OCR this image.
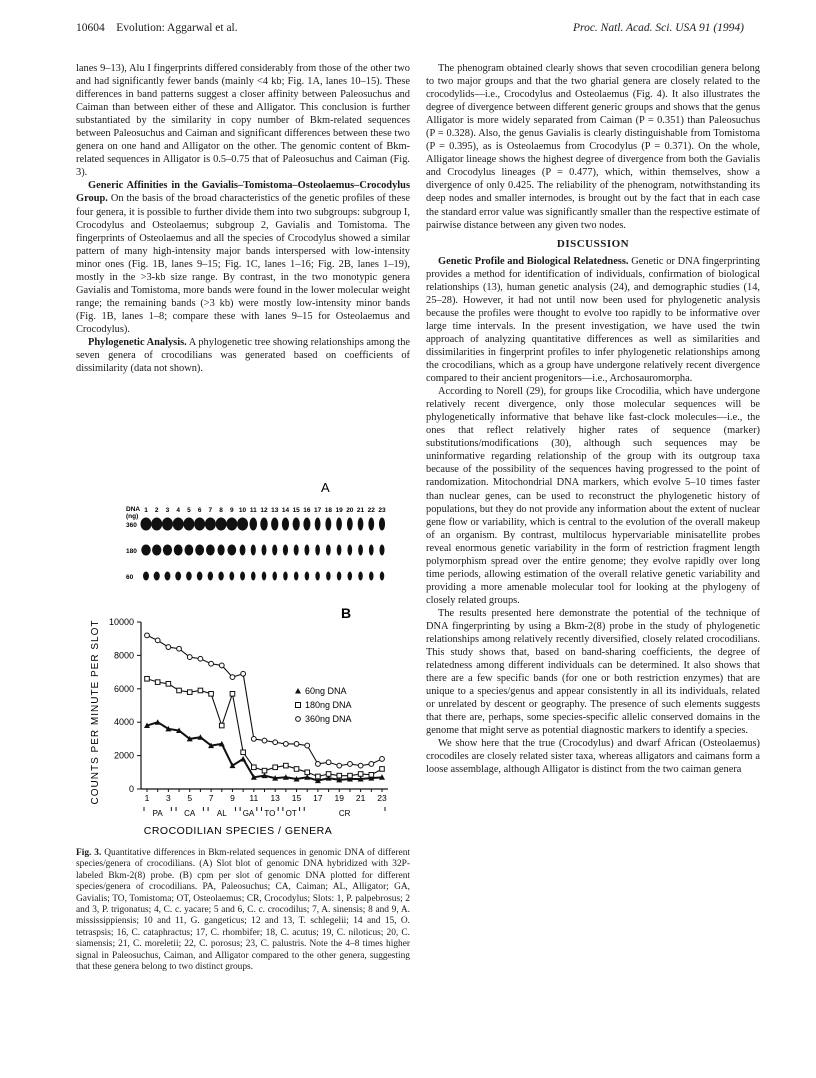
10604 Evolution: Aggarwal et al.	Proc. Natl. Acad. Sci. USA 91 (1994)

lanes 9–13), Alu I fingerprints differed considerably from those of the other two and had significantly fewer bands (mainly <4 kb; Fig. 1A, lanes 10–15). These differences in band patterns suggest a closer affinity between Paleosuchus and Caiman than between either of these and Alligator. This conclusion is further substantiated by the similarity in copy number of Bkm-related sequences between Paleosuchus and Caiman and significant differences between these two genera on one hand and Alligator on the other. The genomic content of Bkm-related sequences in Alligator is 0.5–0.75 that of Paleosuchus and Caiman (Fig. 3).

Generic Affinities in the Gavialis–Tomistoma–Osteolaemus–Crocodylus Group. On the basis of the broad characteristics of the genetic profiles of these four genera, it is possible to further divide them into two subgroups: subgroup I, Crocodylus and Osteolaemus; subgroup 2, Gavialis and Tomistoma. The fingerprints of Osteolaemus and all the species of Crocodylus showed a similar pattern of many high-intensity major bands interspersed with low-intensity minor ones (Fig. 1B, lanes 9–15; Fig. 1C, lanes 1–16; Fig. 2B, lanes 1–19), mostly in the >3-kb size range. By contrast, in the two monotypic genera Gavialis and Tomistoma, more bands were found in the lower molecular weight range; the remaining bands (>3 kb) were mostly low-intensity minor bands (Fig. 1B, lanes 1–8; compare these with lanes 9–15 for Osteolaemus and Crocodylus).

Phylogenetic Analysis. A phylogenetic tree showing relationships among the seven genera of crocodilians was generated based on coefficients of dissimilarity (data not shown).

A
DNA
(ng)
360
180
60
1 2 3 4 5 6 7 8 9 10 11 12 13 14 15 16 17 18 19 20 21 22 23
B
COUNTS PER MINUTE PER SLOT	0
2000
4000
6000
8000
10000
1 3 5 7 9 11 13 15 17 19 21 23
60ng DNA
180ng DNA
360ng DNA
PA	CA	AL GA TO OT	CR
CROCODILIAN SPECIES / GENERA
Fig. 3. Quantitative differences in Bkm-related sequences in genomic DNA of different species/genera of crocodilians. (A) Slot blot of genomic DNA hybridized with 32P-labeled Bkm-2(8) probe. (B) cpm per slot of genomic DNA plotted for different species/genera of crocodilians. PA, Paleosuchus; CA, Caiman; AL, Alligator; GA, Gavialis; TO, Tomistoma; OT, Osteolaemus; CR, Crocodylus; Slots: 1, P. palpebrosus; 2 and 3, P. trigonatus; 4, C. c. yacare; 5 and 6, C. c. crocodilus; 7, A. sinensis; 8 and 9, A. mississippiensis; 10 and 11, G. gangeticus; 12 and 13, T. schlegelii; 14 and 15, O. tetraspsis; 16, C. cataphractus; 17, C. rhombifer; 18, C. acutus; 19, C. niloticus; 20, C. siamensis; 21, C. moreletii; 22, C. porosus; 23, C. palustris. Note the 4–8 times higher signal in Paleosuchus, Caiman, and Alligator compared to the other genera, suggesting that these genera belong to two distinct groups.

The phenogram obtained clearly shows that seven crocodilian genera belong to two major groups and that the two gharial genera are closely related to the crocodylids—i.e., Crocodylus and Osteolaemus (Fig. 4). It also illustrates the degree of divergence between different generic groups and shows that the genus Alligator is more widely separated from Caiman (P = 0.351) than Paleosuchus (P = 0.328). Also, the genus Gavialis is clearly distinguishable from Tomistoma (P = 0.395), as is Osteolaemus from Crocodylus (P = 0.371). On the whole, Alligator lineage shows the highest degree of divergence from both the Gavialis and Crocodylus lineages (P = 0.477), which, within themselves, show a divergence of only 0.425. The reliability of the phenogram, notwithstanding its deep nodes and smaller internodes, is brought out by the fact that in each case the standard error value was significantly smaller than the respective estimate of pairwise distance between any given two nodes.

DISCUSSION

Genetic Profile and Biological Relatedness. Genetic or DNA fingerprinting provides a method for identification of individuals, confirmation of biological relationships (13), human genetic analysis (24), and demographic studies (14, 25–28). However, it had not until now been used for phylogenetic analysis because the profiles were thought to evolve too rapidly to be informative over large time intervals. In the present investigation, we have used the twin approach of analyzing quantitative differences as well as similarities and dissimilarities in fingerprint profiles to infer phylogenetic relationships among the crocodilians, which as a group have undergone relatively recent divergence compared to their ancient progenitors—i.e., Archosauromorpha.

According to Norell (29), for groups like Crocodilia, which have undergone relatively recent divergence, only those molecular sequences will be phylogenetically informative that behave like fast-clock molecules—i.e., the ones that reflect relatively higher rates of sequence (marker) substitutions/modifications (30), although such sequences may be uninformative regarding relationship of the group with its outgroup taxa because of the possibility of the sequences having progressed to the point of randomization. Mitochondrial DNA markers, which evolve 5–10 times faster than nuclear genes, can be used to reconstruct the phylogenetic history of populations, but they do not provide any information about the extent of nuclear gene flow or variability, which is central to the evolution of the overall makeup of an organism. By contrast, multilocus hypervariable minisatellite probes reveal enormous genetic variability in the form of restriction fragment length polymorphism spread over the entire genome; they evolve rapidly over long time periods, allowing estimation of the overall relative genetic variability and providing a more amenable molecular tool for looking at the phylogeny of closely related groups.

The results presented here demonstrate the potential of the technique of DNA fingerprinting by using a Bkm-2(8) probe in the study of phylogenetic relationships among relatively recently diversified, closely related crocodilians. This study shows that, based on band-sharing coefficients, the degree of relatedness among different individuals can be determined. It also shows that there are a few specific bands (for one or both restriction enzymes) that are unique to a species/genus and appear consistently in all its individuals, related or unrelated by descent or geography. The presence of such elements suggests that there are, perhaps, some species-specific allelic conserved domains in the genome that might serve as potential diagnostic markers to identify a species.

We show here that the true (Crocodylus) and dwarf African (Osteolaemus) crocodiles are closely related sister taxa, whereas alligators and caimans form a loose assemblage, although Alligator is distinct from the two caiman genera
